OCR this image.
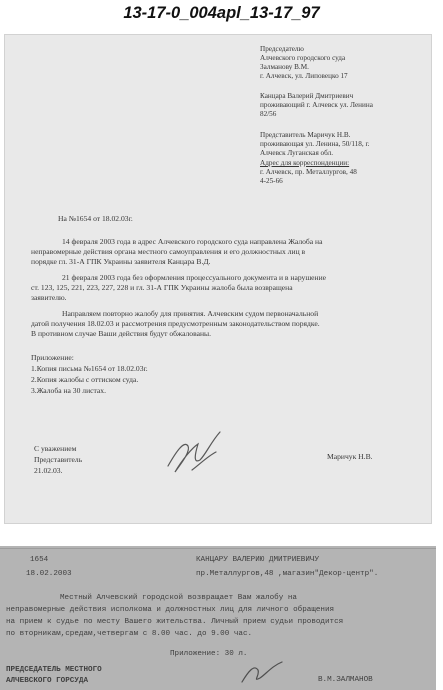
13-17-0_004apl_13-17_97
Председателю
Алчевского городского суда
Залманову В.М.
г. Алчевск, ул. Липовецко 17
Канцара Валерий Дмитриевич
проживающий г. Алчевск ул. Ленина
82/56
Представитель Маричук Н.В.
проживающая ул. Ленина, 50/118, г.
Алчевск Луганская обл.
Адрес для корреспонденции:
г. Алчевск, пр. Металлургов, 48
4-25-66
На №1654 от 18.02.03г.
14 февраля 2003 года в адрес Алчевского городского суда направлена Жалоба на
неправомерные действия органа местного самоуправления и его должностных лиц в
порядке гл. 31-А ГПК Украины заявителя Канцара В.Д.
21 февраля 2003 года без оформления процессуального документа и в нарушение
ст. 123, 125, 221, 223, 227, 228 и гл. 31-А ГПК Украины жалоба была возвращена
заявителю.
Направляем повторно жалобу для принятия. Алчевским судом первоначальной
датой получения 18.02.03 и рассмотрения предусмотренным законодательством порядке.
В противном случае Ваши действия будут обжалованы.
Приложение:
1.Копия письма №1654 от 18.02.03г.
2.Копия жалобы с оттиском суда.
3.Жалоба на 30 листах.
С уважением
Представитель
21.02.03.
Маричук Н.В.
1654	КАНЦАРУ ВАЛЕРИЮ ДМИТРИЕВИЧУ
18.02.2003	пр.Металлургов,48 ,магазин"Декор-центр".
Местный Алчевский городской возвращает Вам жалобу на
неправомерные действия исполкома и должностных лиц для личного обращения
на прием к судье по месту Вашего жительства. Личный прием судьи проводится
по вторникам,средам,четвергам с 8.00 час. до 9.00 час.
Приложение: 30 л.
ПРЕДСЕДАТЕЛЬ МЕСТНОГО
АЛЧЕВСКОГО ГОРСУДА	В.М.ЗАЛМАНОВ
